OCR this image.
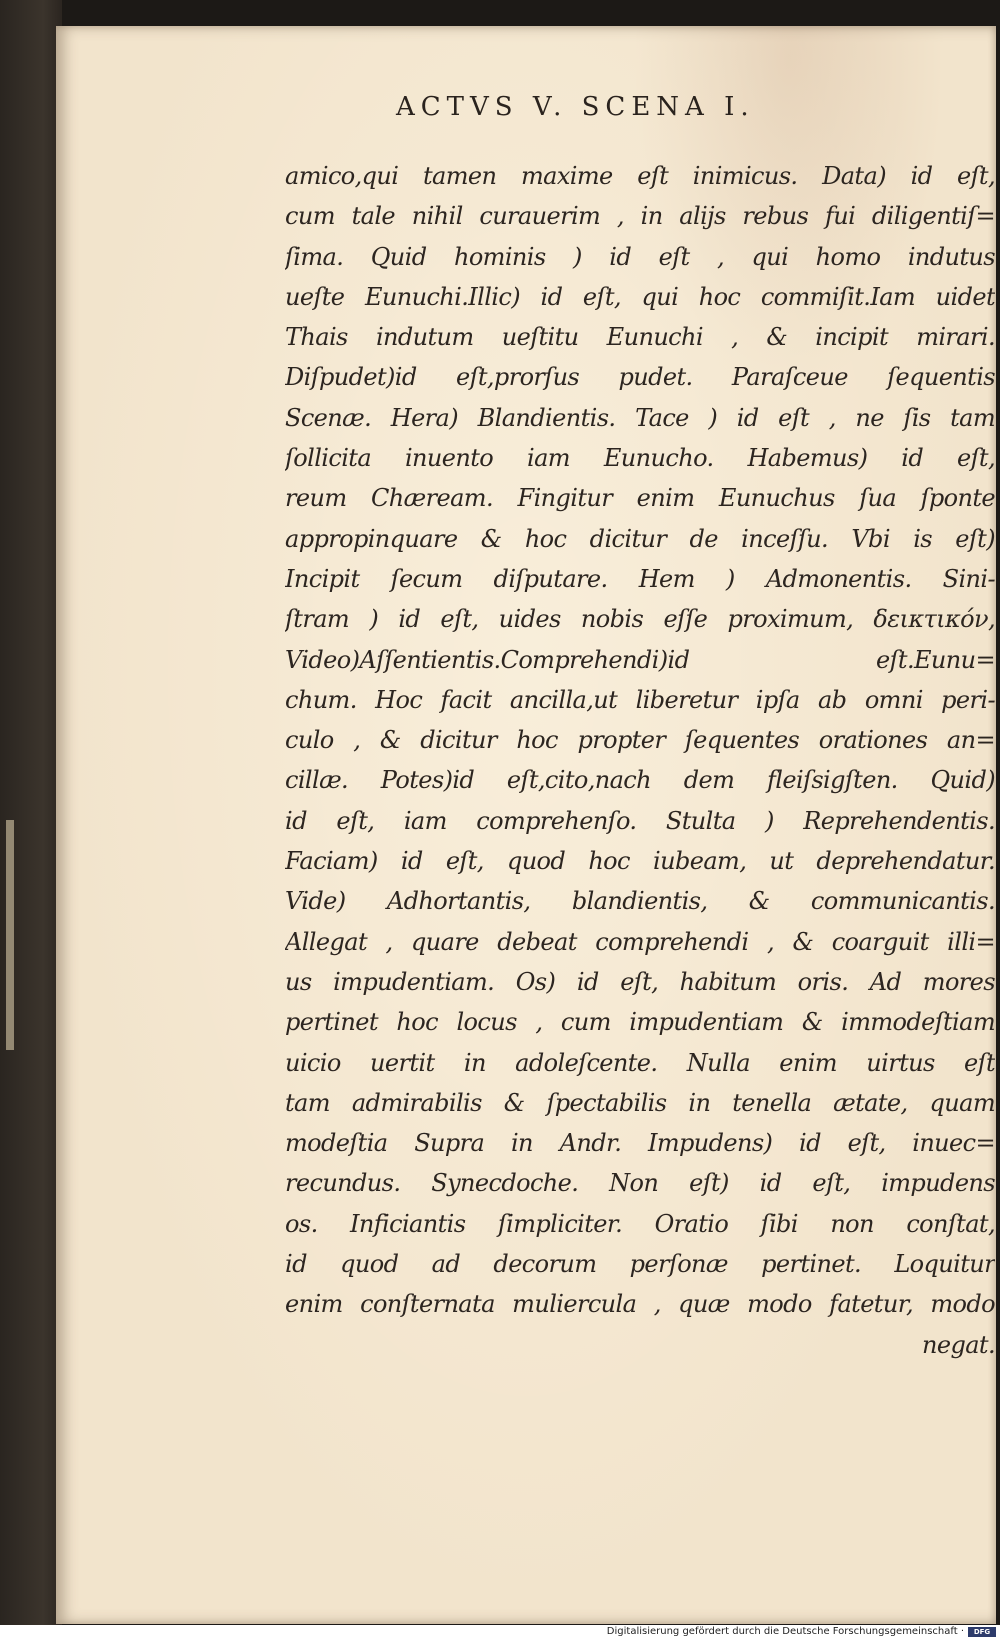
ACTVS V. SCENA I.
amico,qui tamen maxime eſt inimicus. Data) id eſt,
cum tale nihil curauerim , in alijs rebus fui diligentiſ=
ſima. Quid hominis ) id eſt , qui homo indutus
ueſte Eunuchi.Illic) id eſt, qui hoc commiſit.Iam uidet
Thais indutum ueſtitu Eunuchi , & incipit mirari.
Diſpudet)id eſt,prorſus pudet. Paraſceue ſequentis
Scenæ. Hera) Blandientis. Tace ) id eſt , ne ſis tam
ſollicita inuento iam Eunucho. Habemus) id eſt,
reum Chæream. Fingitur enim Eunuchus ſua ſponte
appropinquare & hoc dicitur de inceſſu. Vbi is eſt)
Incipit ſecum diſputare. Hem ) Admonentis. Sini-
ſtram ) id eſt, uides nobis eſſe proximum, δεικτικόν,
Video)Aſſentientis.Comprehendi)id eſt.Eunu=
chum. Hoc facit ancilla,ut liberetur ipſa ab omni peri-
culo , & dicitur hoc propter ſequentes orationes an=
cillæ. Potes)id eſt,cito,nach dem fleiſsigſten. Quid)
id eſt, iam comprehenſo. Stulta ) Reprehendentis.
Faciam) id eſt, quod hoc iubeam, ut deprehendatur.
Vide) Adhortantis, blandientis, & communicantis.
Allegat , quare debeat comprehendi , & coarguit illi=
us impudentiam. Os) id eſt, habitum oris. Ad mores
pertinet hoc locus , cum impudentiam & immodeſtiam
uicio uertit in adoleſcente. Nulla enim uirtus eſt
tam admirabilis & ſpectabilis in tenella ætate, quam
modeſtia Supra in Andr. Impudens) id eſt, inuec=
recundus. Synecdoche. Non eſt) id eſt, impudens
os. Inficiantis ſimpliciter. Oratio ſibi non conſtat,
id quod ad decorum perſonæ pertinet. Loquitur
enim conſternata muliercula , quæ modo fatetur, modo
negat.
Digitalisierung gefördert durch die Deutsche Forschungsgemeinschaft ·	DFG
